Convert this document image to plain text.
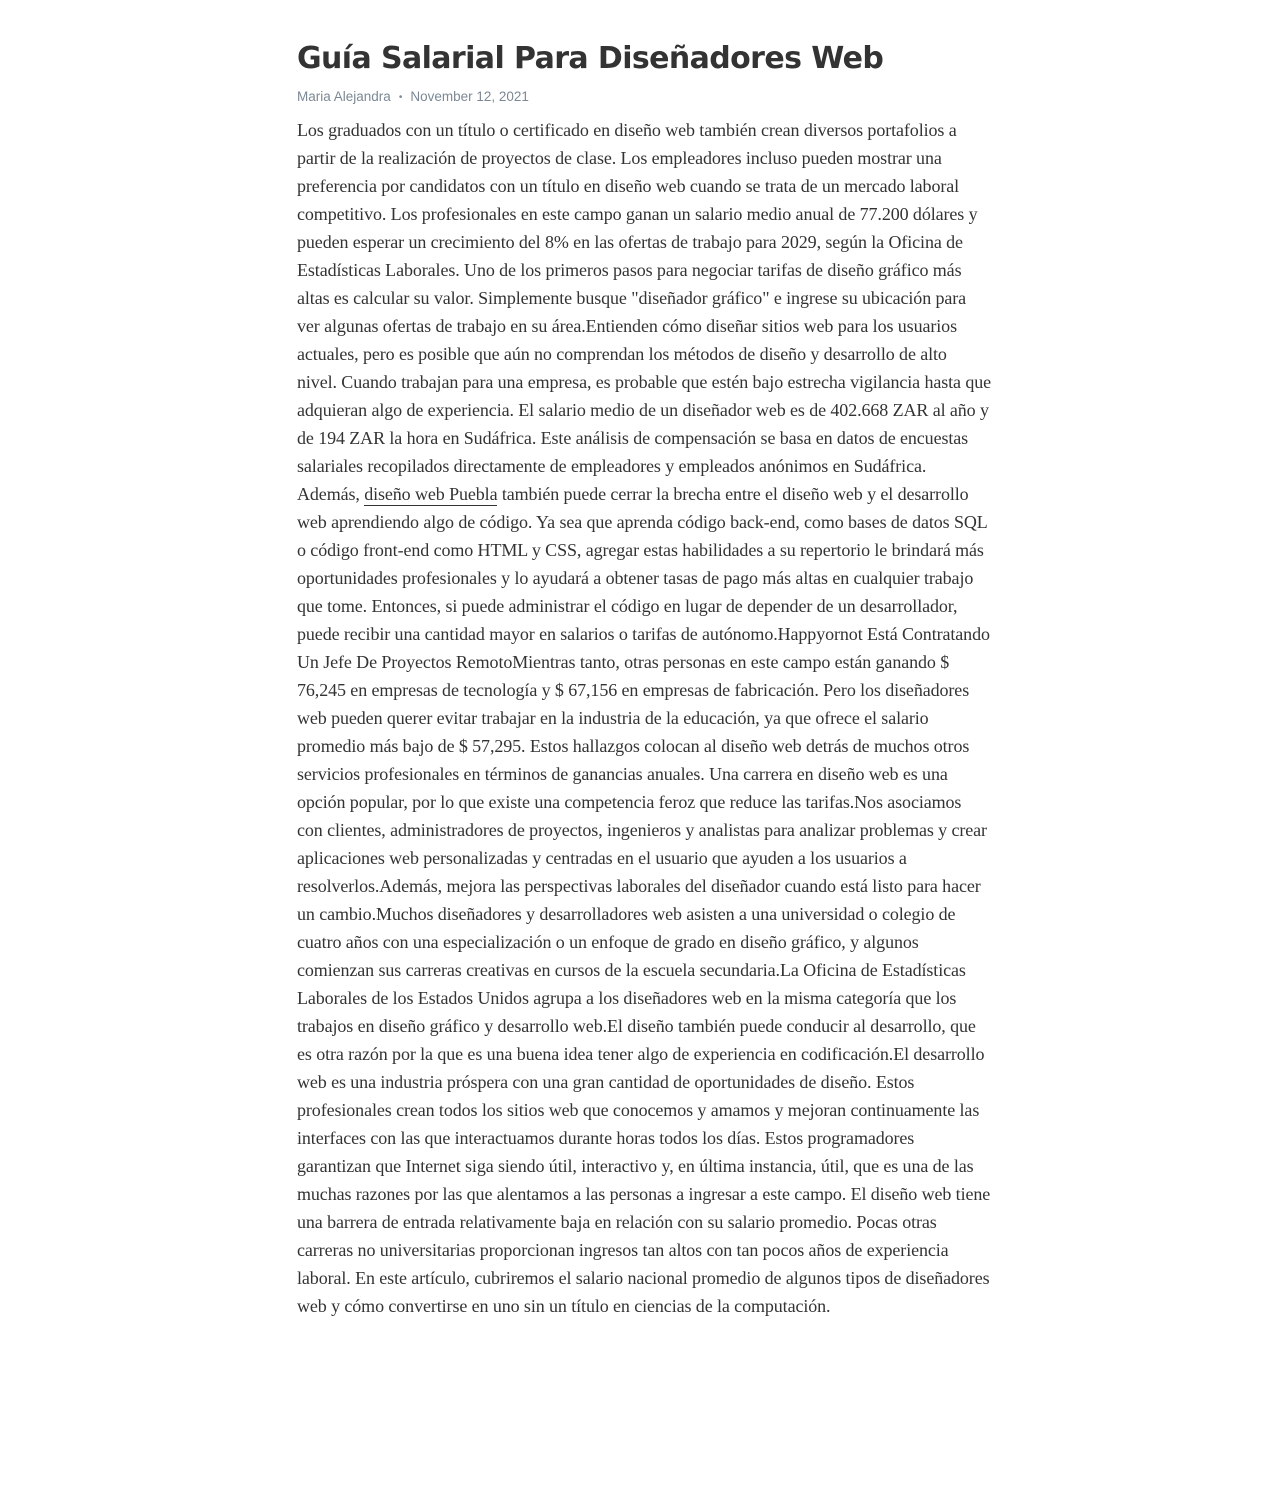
Guía Salarial Para Diseñadores Web
Maria Alejandra • November 12, 2021

Los graduados con un título o certificado en diseño web también crean diversos portafolios a partir de la realización de proyectos de clase. Los empleadores incluso pueden mostrar una preferencia por candidatos con un título en diseño web cuando se trata de un mercado laboral competitivo. Los profesionales en este campo ganan un salario medio anual de 77.200 dólares y pueden esperar un crecimiento del 8% en las ofertas de trabajo para 2029, según la Oficina de Estadísticas Laborales. Uno de los primeros pasos para negociar tarifas de diseño gráfico más altas es calcular su valor. Simplemente busque "diseñador gráfico" e ingrese su ubicación para ver algunas ofertas de trabajo en su área.Entienden cómo diseñar sitios web para los usuarios actuales, pero es posible que aún no comprendan los métodos de diseño y desarrollo de alto nivel. Cuando trabajan para una empresa, es probable que estén bajo estrecha vigilancia hasta que adquieran algo de experiencia. El salario medio de un diseñador web es de 402.668 ZAR al año y de 194 ZAR la hora en Sudáfrica. Este análisis de compensación se basa en datos de encuestas salariales recopilados directamente de empleadores y empleados anónimos en Sudáfrica. Además, diseño web Puebla también puede cerrar la brecha entre el diseño web y el desarrollo web aprendiendo algo de código. Ya sea que aprenda código back-end, como bases de datos SQL o código front-end como HTML y CSS, agregar estas habilidades a su repertorio le brindará más oportunidades profesionales y lo ayudará a obtener tasas de pago más altas en cualquier trabajo que tome. Entonces, si puede administrar el código en lugar de depender de un desarrollador, puede recibir una cantidad mayor en salarios o tarifas de autónomo.Happyornot Está Contratando Un Jefe De Proyectos RemotoMientras tanto, otras personas en este campo están ganando $ 76,245 en empresas de tecnología y $ 67,156 en empresas de fabricación. Pero los diseñadores web pueden querer evitar trabajar en la industria de la educación, ya que ofrece el salario promedio más bajo de $ 57,295. Estos hallazgos colocan al diseño web detrás de muchos otros servicios profesionales en términos de ganancias anuales. Una carrera en diseño web es una opción popular, por lo que existe una competencia feroz que reduce las tarifas.Nos asociamos con clientes, administradores de proyectos, ingenieros y analistas para analizar problemas y crear aplicaciones web personalizadas y centradas en el usuario que ayuden a los usuarios a resolverlos.Además, mejora las perspectivas laborales del diseñador cuando está listo para hacer un cambio.Muchos diseñadores y desarrolladores web asisten a una universidad o colegio de cuatro años con una especialización o un enfoque de grado en diseño gráfico, y algunos comienzan sus carreras creativas en cursos de la escuela secundaria.La Oficina de Estadísticas Laborales de los Estados Unidos agrupa a los diseñadores web en la misma categoría que los trabajos en diseño gráfico y desarrollo web.El diseño también puede conducir al desarrollo, que es otra razón por la que es una buena idea tener algo de experiencia en codificación.El desarrollo web es una industria próspera con una gran cantidad de oportunidades de diseño. Estos profesionales crean todos los sitios web que conocemos y amamos y mejoran continuamente las interfaces con las que interactuamos durante horas todos los días. Estos programadores garantizan que Internet siga siendo útil, interactivo y, en última instancia, útil, que es una de las muchas razones por las que alentamos a las personas a ingresar a este campo. El diseño web tiene una barrera de entrada relativamente baja en relación con su salario promedio. Pocas otras carreras no universitarias proporcionan ingresos tan altos con tan pocos años de experiencia laboral. En este artículo, cubriremos el salario nacional promedio de algunos tipos de diseñadores web y cómo convertirse en uno sin un título en ciencias de la computación.
